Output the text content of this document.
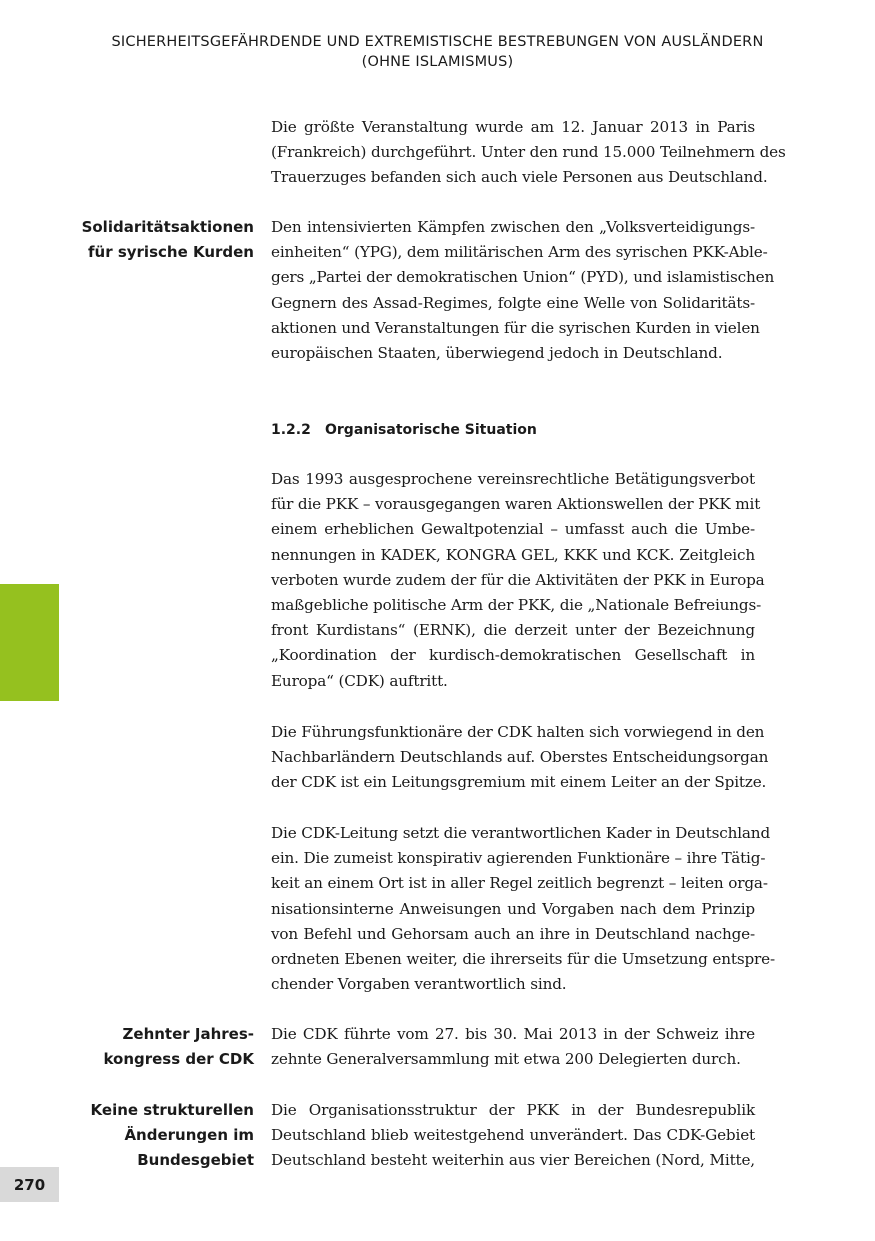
SICHERHEITSGEFÄHRDENDE UND EXTREMISTISCHE BESTREBUNGEN VON AUSLÄNDERN
(OHNE ISLAMISMUS)
270
Die größte Veranstaltung wurde am 12. Januar 2013 in Paris
(Frankreich) durchgeführt. Unter den rund 15.000 Teilnehmern des
Trauerzuges befanden sich auch viele Personen aus Deutschland.
Solidaritätsaktionen
für syrische Kurden
Den intensivierten Kämpfen zwischen den „Volksverteidigungs-
einheiten“ (YPG), dem militärischen Arm des syrischen PKK-Able-
gers „Partei der demokratischen Union“ (PYD), und islamistischen
Gegnern des Assad-Regimes, folgte eine Welle von Solidaritäts-
aktionen und Veranstaltungen für die syrischen Kurden in vielen
europäischen Staaten, überwiegend jedoch in Deutschland.
1.2.2 Organisatorische Situation
Das 1993 ausgesprochene vereinsrechtliche Betätigungsverbot
für die PKK – vorausgegangen waren Aktionswellen der PKK mit
einem erheblichen Gewaltpotenzial – umfasst auch die Umbe-
nennungen in KADEK, KONGRA GEL, KKK und KCK. Zeitgleich
verboten wurde zudem der für die Aktivitäten der PKK in Europa
maßgebliche politische Arm der PKK, die „Nationale Befreiungs-
front Kurdistans“ (ERNK), die derzeit unter der Bezeichnung
„Koordination der kurdisch-demokratischen Gesellschaft in
Europa“ (CDK) auftritt.
Die Führungsfunktionäre der CDK halten sich vorwiegend in den
Nachbarländern Deutschlands auf. Oberstes Entscheidungsorgan
der CDK ist ein Leitungsgremium mit einem Leiter an der Spitze.
Die CDK-Leitung setzt die verantwortlichen Kader in Deutschland
ein. Die zumeist konspirativ agierenden Funktionäre – ihre Tätig-
keit an einem Ort ist in aller Regel zeitlich begrenzt – leiten orga-
nisationsinterne Anweisungen und Vorgaben nach dem Prinzip
von Befehl und Gehorsam auch an ihre in Deutschland nachge-
ordneten Ebenen weiter, die ihrerseits für die Umsetzung entspre-
chender Vorgaben verantwortlich sind.
Zehnter Jahres-
kongress der CDK
Die CDK führte vom 27. bis 30. Mai 2013 in der Schweiz ihre
zehnte Generalversammlung mit etwa 200 Delegierten durch.
Keine strukturellen
Änderungen im
Bundesgebiet
Die Organisationsstruktur der PKK in der Bundesrepublik
Deutschland blieb weitestgehend unverändert. Das CDK-Gebiet
Deutschland besteht weiterhin aus vier Bereichen (Nord, Mitte,
